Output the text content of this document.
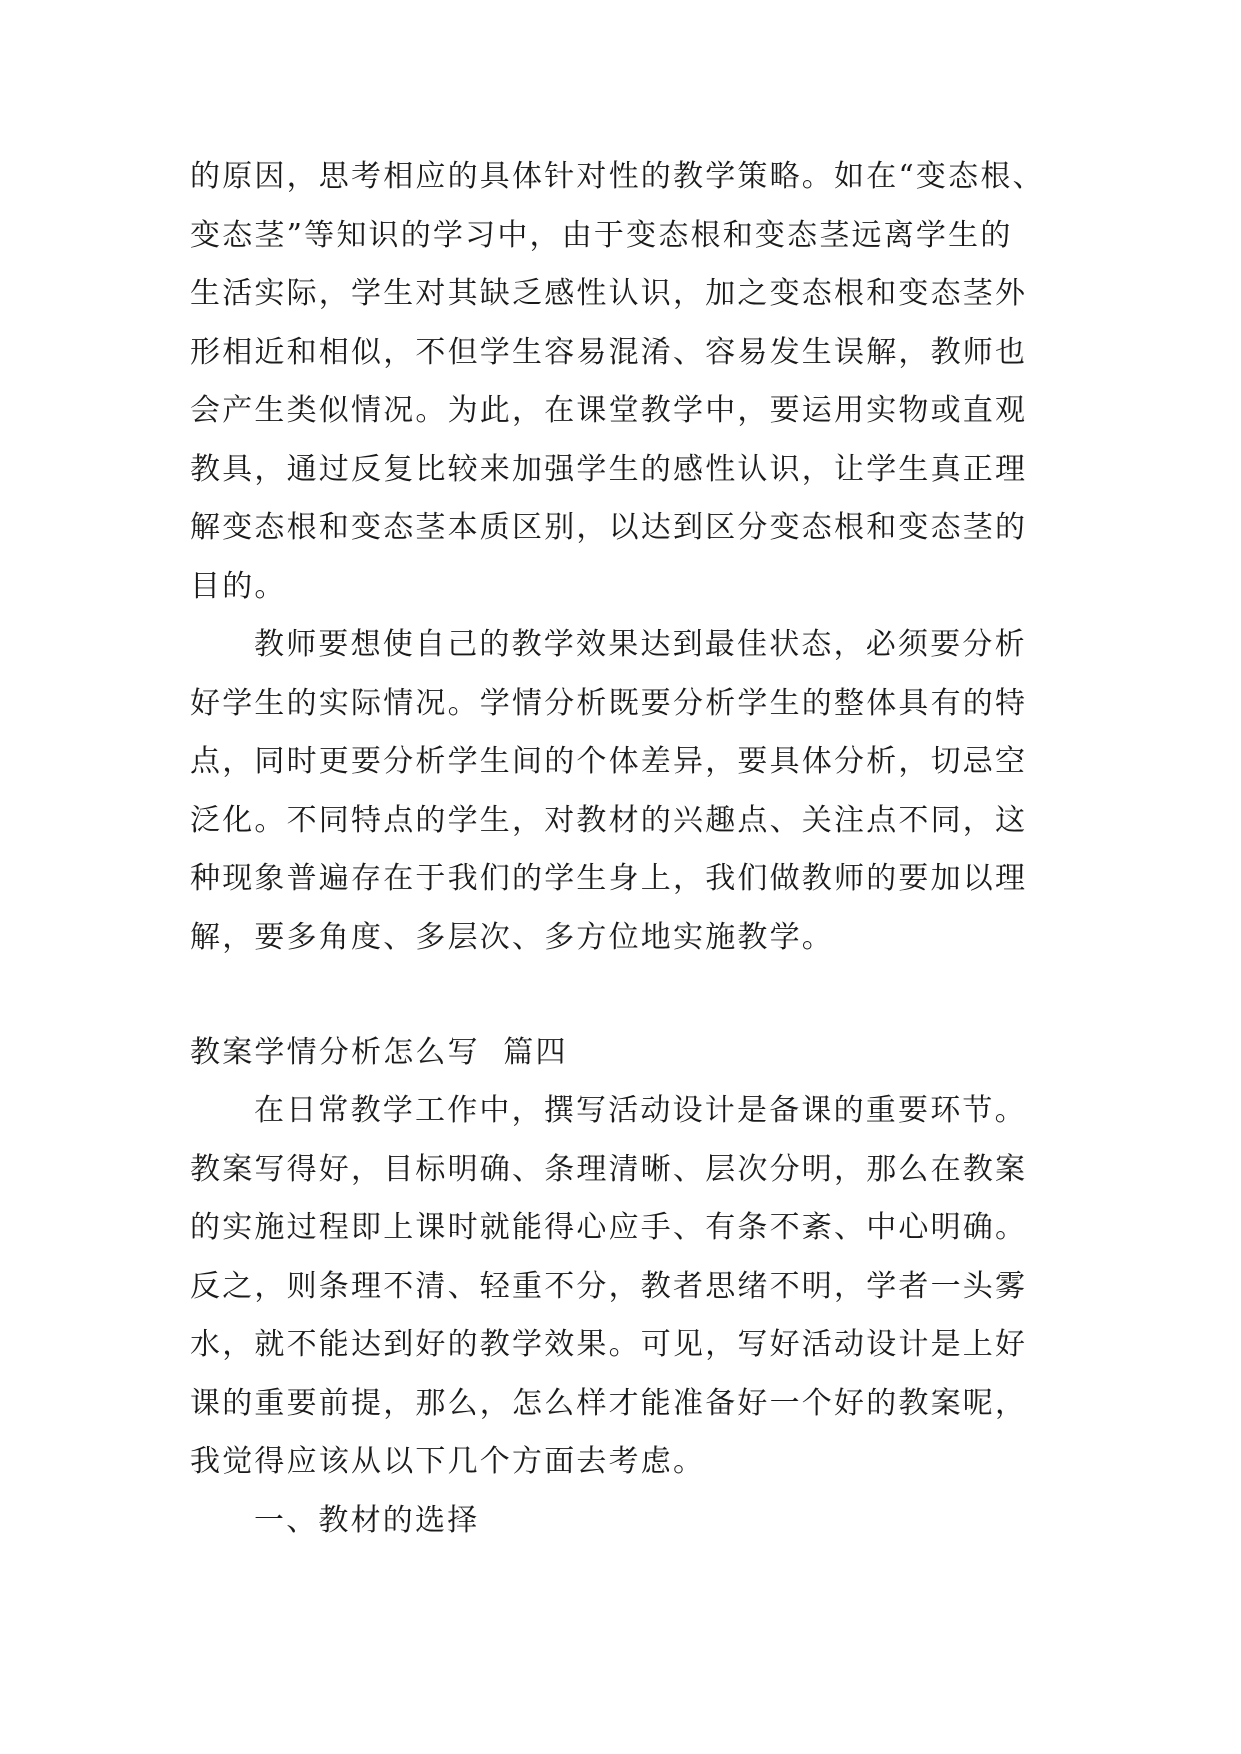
的原因，思考相应的具体针对性的教学策略。如在“变态根、
变态茎”等知识的学习中，由于变态根和变态茎远离学生的
生活实际，学生对其缺乏感性认识，加之变态根和变态茎外
形相近和相似，不但学生容易混淆、容易发生误解，教师也
会产生类似情况。为此，在课堂教学中，要运用实物或直观
教具，通过反复比较来加强学生的感性认识，让学生真正理
解变态根和变态茎本质区别，以达到区分变态根和变态茎的
目的。
教师要想使自己的教学效果达到最佳状态，必须要分析
好学生的实际情况。学情分析既要分析学生的整体具有的特
点，同时更要分析学生间的个体差异，要具体分析，切忌空
泛化。不同特点的学生，对教材的兴趣点、关注点不同，这
种现象普遍存在于我们的学生身上，我们做教师的要加以理
解，要多角度、多层次、多方位地实施教学。
教案学情分析怎么写  篇四
在日常教学工作中，撰写活动设计是备课的重要环节。
教案写得好，目标明确、条理清晰、层次分明，那么在教案
的实施过程即上课时就能得心应手、有条不紊、中心明确。
反之，则条理不清、轻重不分，教者思绪不明，学者一头雾
水，就不能达到好的教学效果。可见，写好活动设计是上好
课的重要前提，那么，怎么样才能准备好一个好的教案呢，
我觉得应该从以下几个方面去考虑。
一、教材的选择
